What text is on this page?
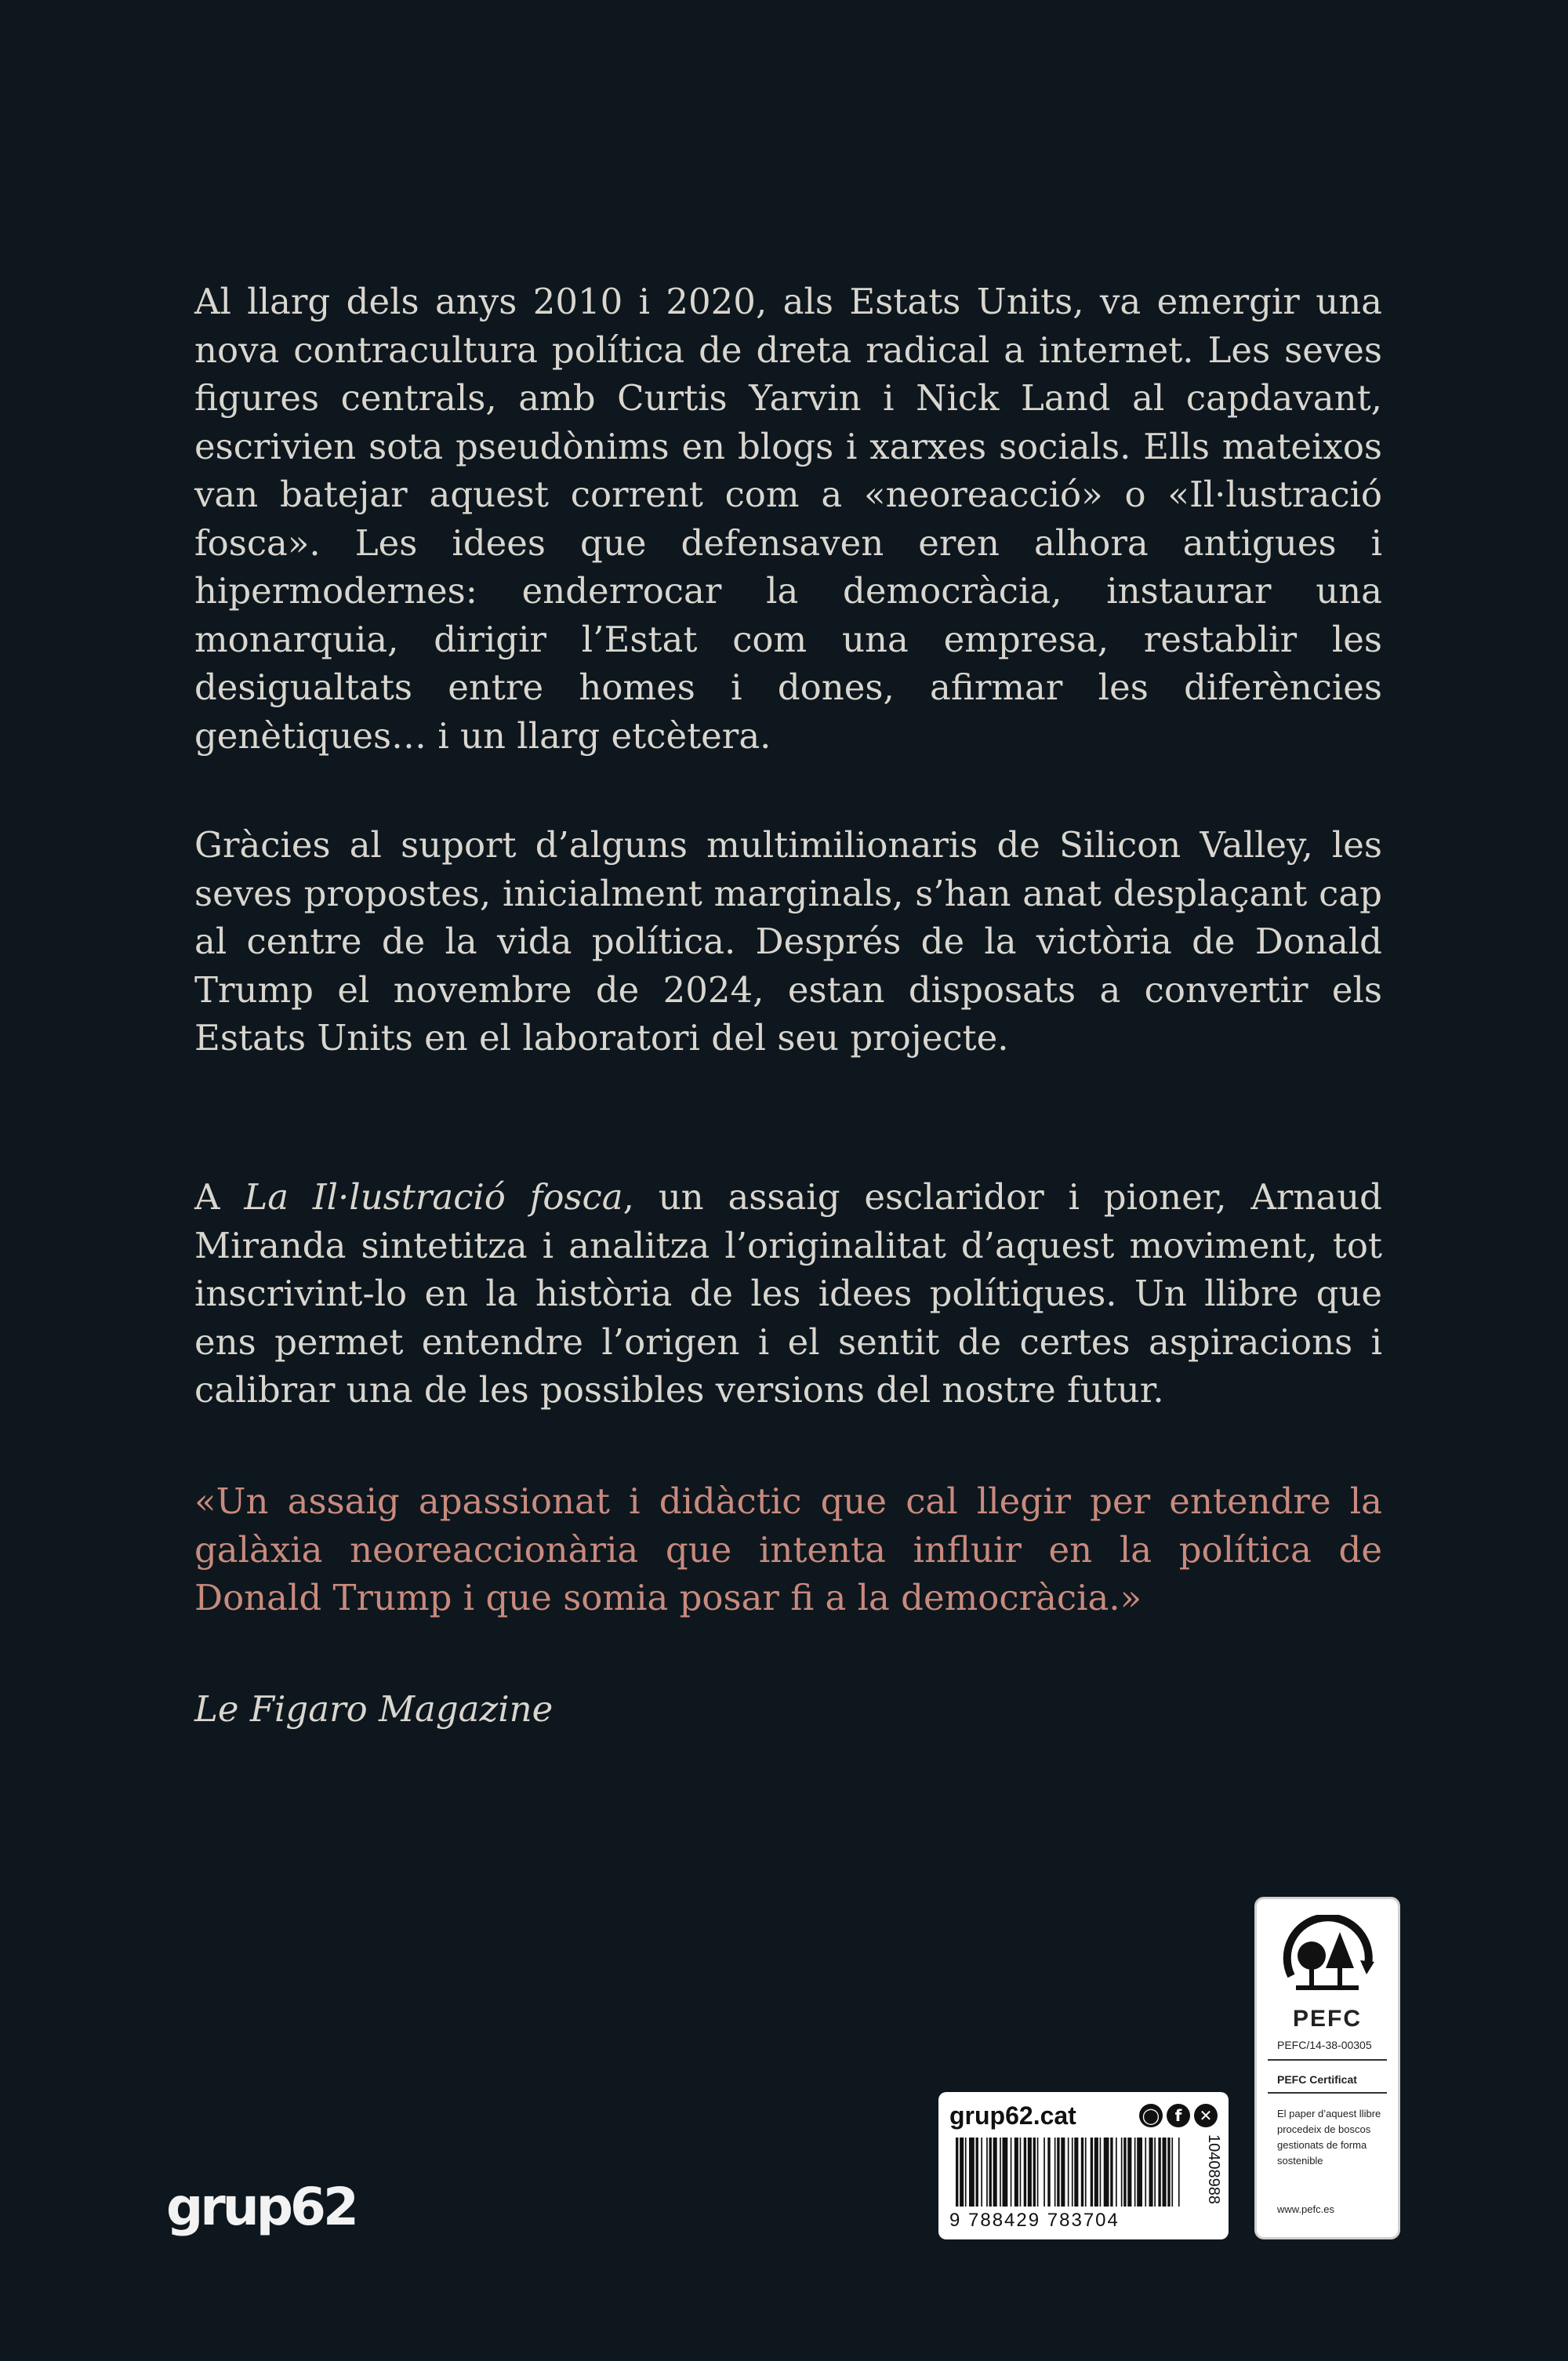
Al llarg dels anys 2010 i 2020, als Estats Units, va emergir una nova contracultura política de dreta radical a internet. Les seves figures centrals, amb Curtis Yarvin i Nick Land al capdavant, escrivien sota pseudònims en blogs i xarxes socials. Ells mateixos van batejar aquest corrent com a «neoreacció» o «Il·lustració fosca». Les idees que defensaven eren alhora antigues i hipermodernes: enderrocar la democràcia, instaurar una monarquia, dirigir l’Estat com una empresa, restablir les desigualtats entre homes i dones, afirmar les diferències genètiques… i un llarg etcètera.

Gràcies al suport d’alguns multimilionaris de Silicon Valley, les seves propostes, inicialment marginals, s’han anat desplaçant cap al centre de la vida política. Després de la victòria de Donald Trump el novembre de 2024, estan disposats a convertir els Estats Units en el laboratori del seu projecte.

A La Il·lustració fosca, un assaig esclaridor i pioner, Arnaud Miranda sintetitza i analitza l’originalitat d’aquest moviment, tot inscrivint-lo en la història de les idees polítiques. Un llibre que ens permet entendre l’origen i el sentit de certes aspiracions i calibrar una de les possibles versions del nostre futur.

«Un assaig apassionat i didàctic que cal llegir per entendre la galàxia neoreaccionària que intenta influir en la política de Donald Trump i que somia posar fi a la democràcia.»

Le Figaro Magazine

grup62
grup62.cat	◯ f	✕
9 788429 783704
10408988
PEFC
PEFC/14-38-00305
PEFC Certificat
El paper d’aquest llibre procedeix de boscos gestionats de forma sostenible
www.pefc.es
